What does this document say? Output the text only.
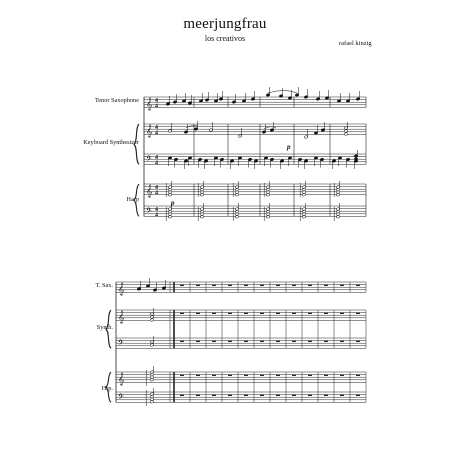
meerjungfrau
los creativos
rafael kinzig
Tenor Saxophone
Keyboard Synthesizer
Harp
T. Sax.
Synth.
Hrp.
𝄞
𝄞
𝄢
𝄞
𝄢
4
4
4
4
4
4
4
4
4
4
p
p
𝄞
𝄞
𝄢
𝄞
𝄢
